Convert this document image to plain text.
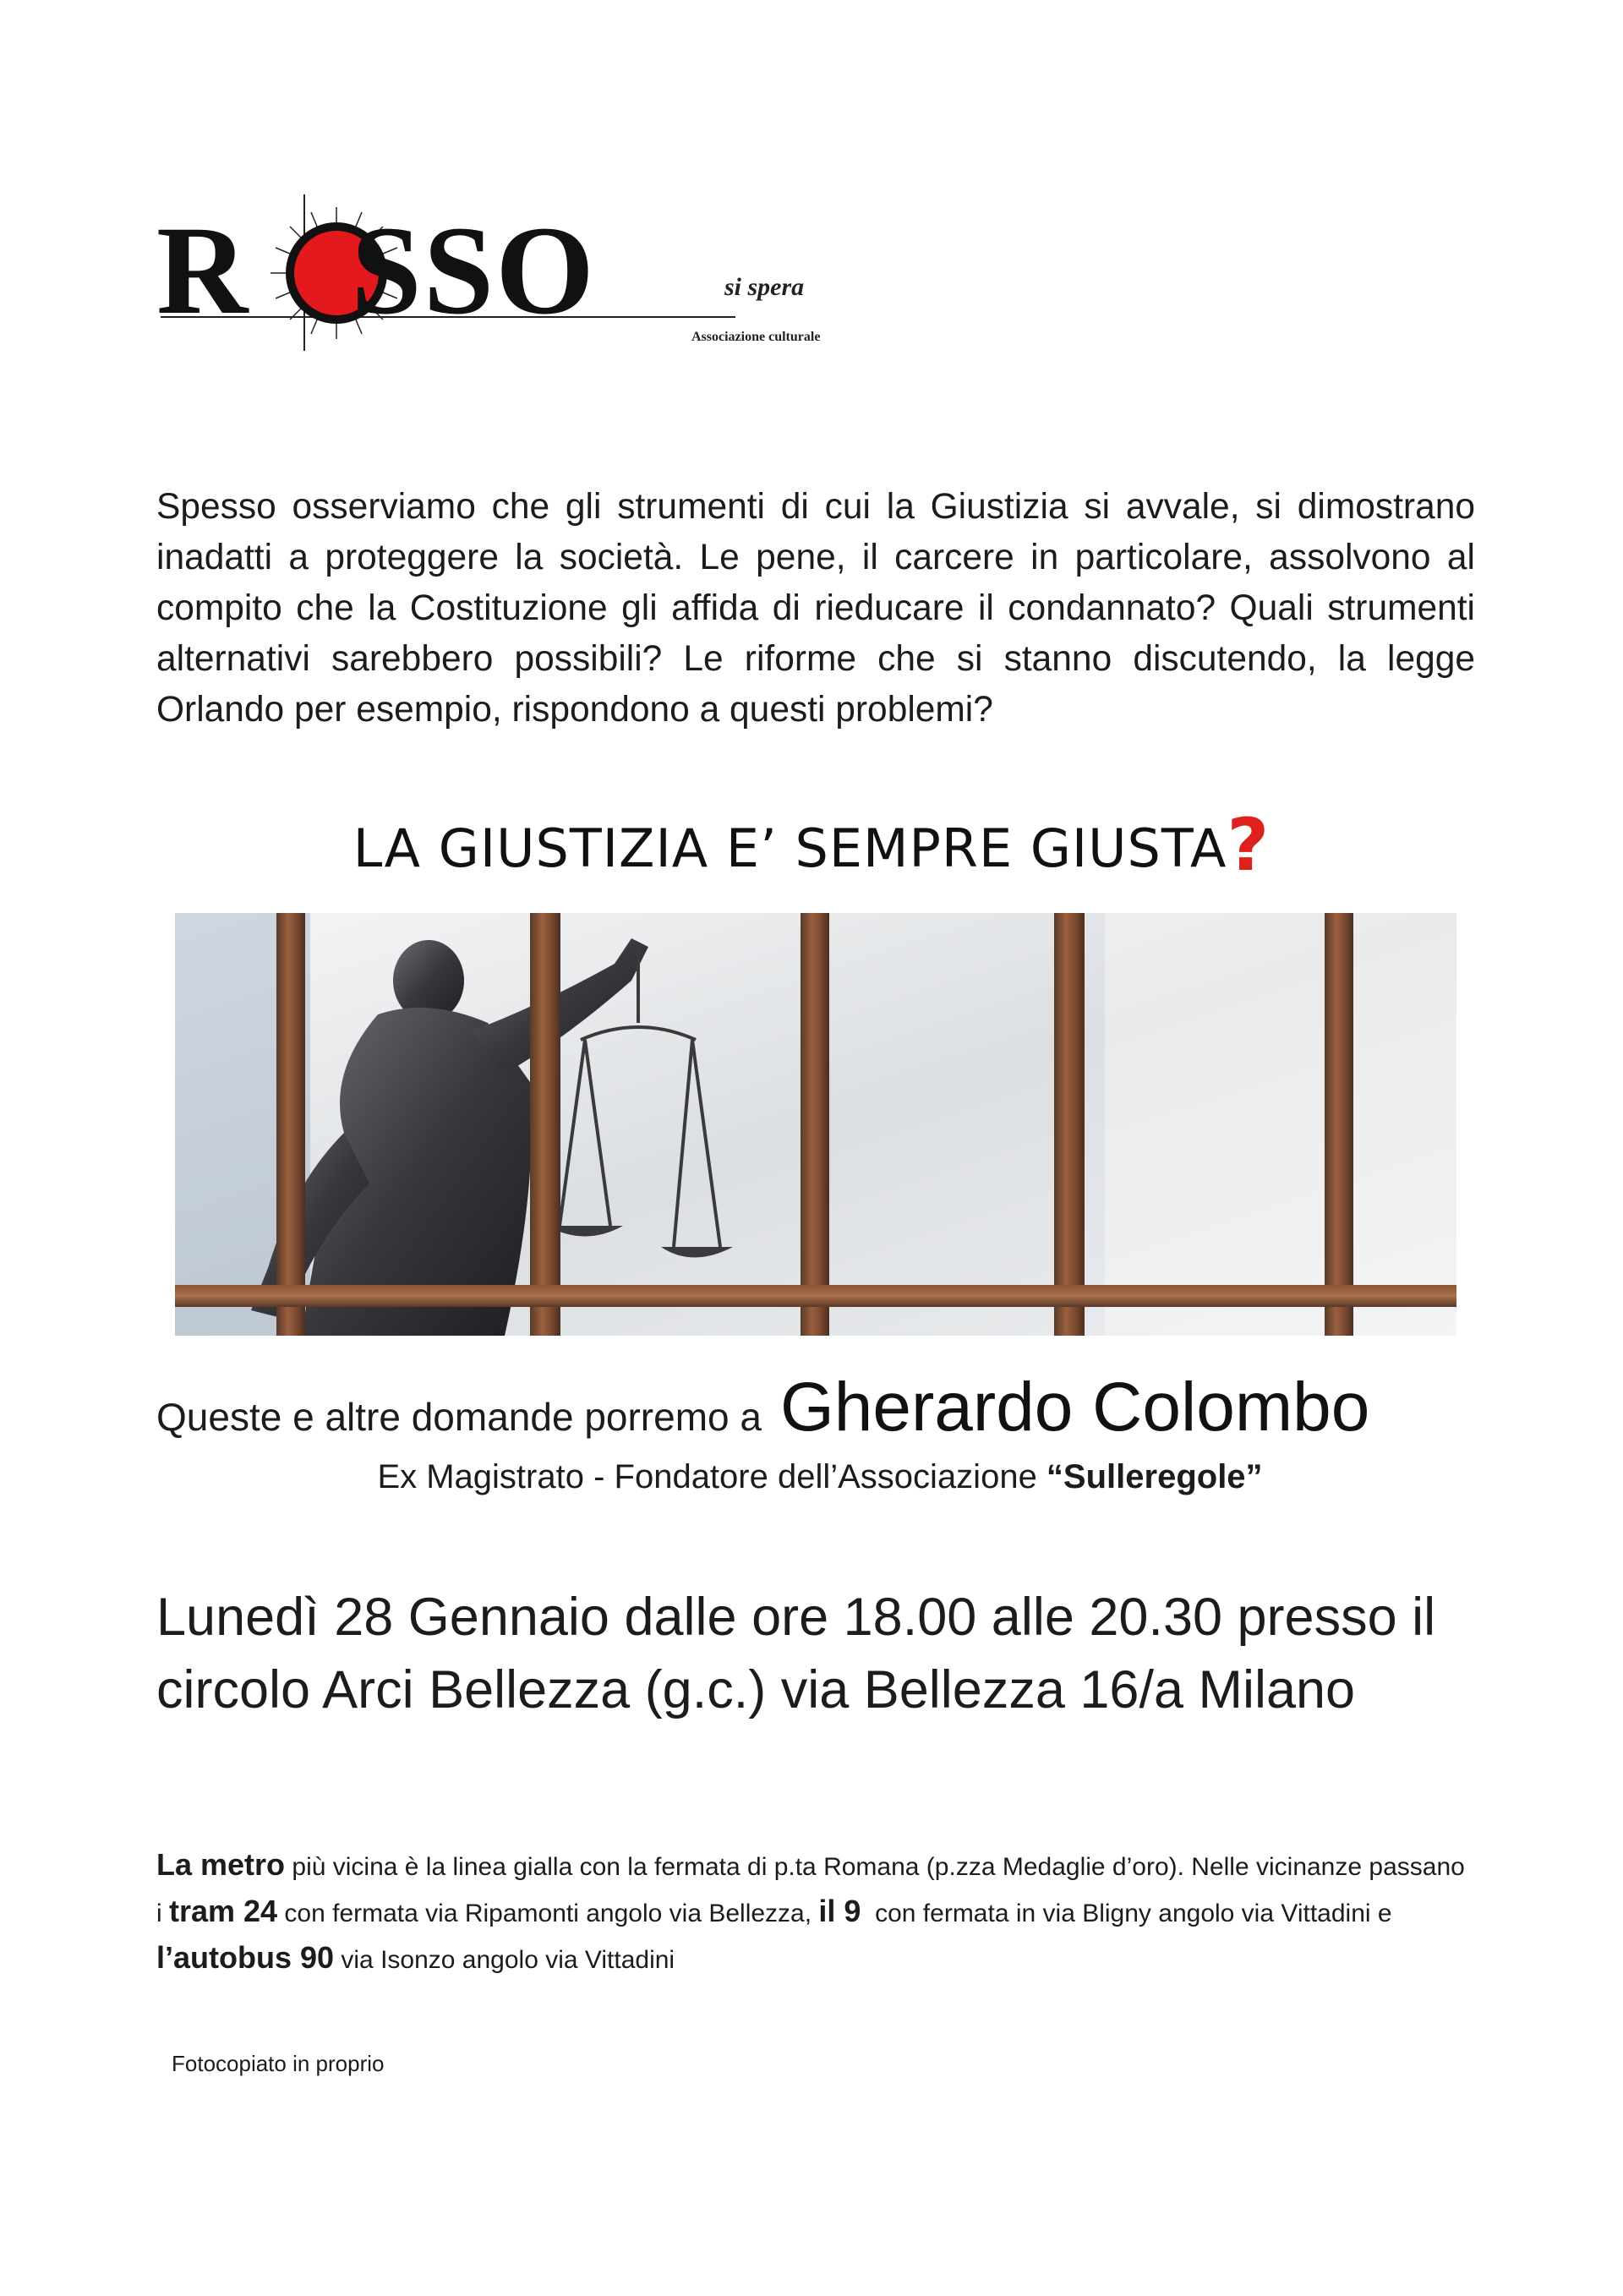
R SSO	si spera
Associazione culturale
Spesso osserviamo che gli strumenti di cui la Giustizia si avvale, si dimostrano inadatti a proteggere la società. Le pene, il carcere in particolare, assolvono al compito che la Costituzione gli affida di rieducare il condannato? Quali strumenti alternativi sarebbero possibili? Le riforme che si stanno discutendo, la legge Orlando per esempio, rispondono a questi problemi?
LA GIUSTIZIA E’ SEMPRE GIUSTA?
Queste e altre domande porremo a Gherardo Colombo
Ex Magistrato - Fondatore dell’Associazione “Sulleregole”
Lunedì 28 Gennaio dalle ore 18.00 alle 20.30 presso il
circolo Arci Bellezza (g.c.) via Bellezza 16/a Milano
La metro più vicina è la linea gialla con la fermata di p.ta Romana (p.zza Medaglie d’oro). Nelle vicinanze passano i tram 24 con fermata via Ripamonti angolo via Bellezza, il 9  con fermata in via Bligny angolo via Vittadini e l’autobus 90 via Isonzo angolo via Vittadini
Fotocopiato in proprio
